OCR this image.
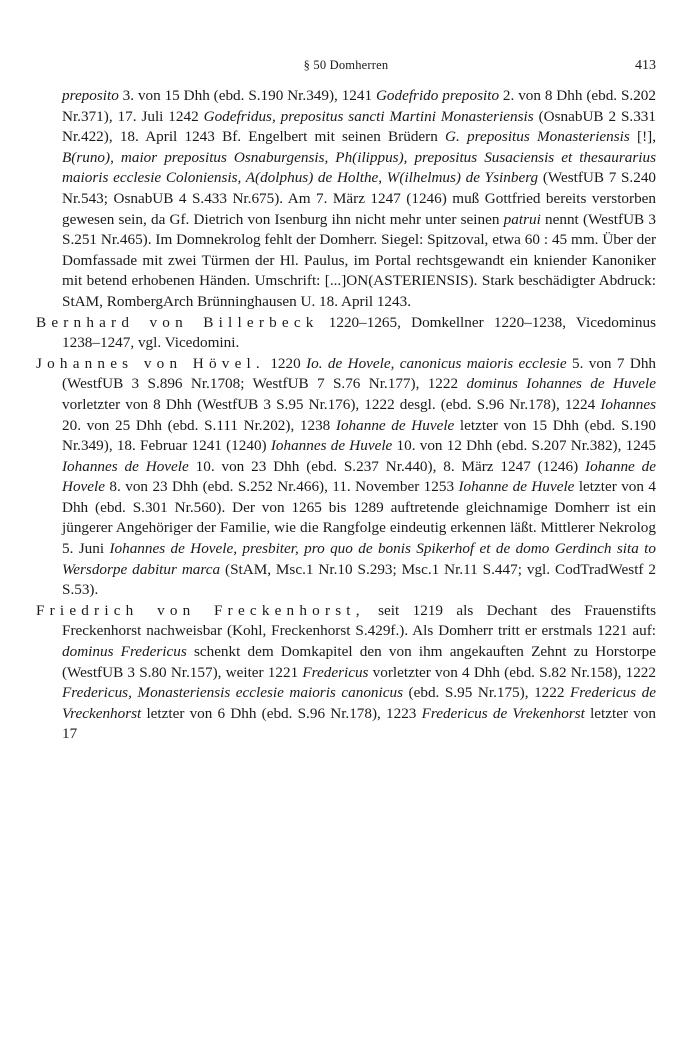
§ 50 Domherren	413

preposito 3. von 15 Dhh (ebd. S.190 Nr.349), 1241 Godefrido preposito 2. von 8 Dhh (ebd. S.202 Nr.371), 17. Juli 1242 Godefridus, prepositus sancti Martini Monasteriensis (OsnabUB 2 S.331 Nr.422), 18. April 1243 Bf. Engelbert mit seinen Brüdern G. prepositus Monasteriensis [!], B(runo), maior prepositus Osnaburgensis, Ph(ilippus), prepositus Susaciensis et thesaurarius maioris ecclesie Coloniensis, A(dolphus) de Holthe, W(ilhelmus) de Ysinberg (WestfUB 7 S.240 Nr.543; OsnabUB 4 S.433 Nr.675). Am 7. März 1247 (1246) muß Gottfried bereits verstorben gewesen sein, da Gf. Dietrich von Isenburg ihn nicht mehr unter seinen patrui nennt (WestfUB 3 S.251 Nr.465). Im Domnekrolog fehlt der Domherr. Siegel: Spitzoval, etwa 60 : 45 mm. Über der Domfassade mit zwei Türmen der Hl. Paulus, im Portal rechtsgewandt ein kniender Kanoniker mit betend erhobenen Händen. Umschrift: [...]ON(ASTERIENSIS). Stark beschädigter Abdruck: StAM, RombergArch Brünninghausen U. 18. April 1243.

Bernhard von Billerbeck 1220–1265, Domkellner 1220–1238, Vicedominus 1238–1247, vgl. Vicedomini.

Johannes von Hövel. 1220 Io. de Hovele, canonicus maioris ecclesie 5. von 7 Dhh (WestfUB 3 S.896 Nr.1708; WestfUB 7 S.76 Nr.177), 1222 dominus Iohannes de Huvele vorletzter von 8 Dhh (WestfUB 3 S.95 Nr.176), 1222 desgl. (ebd. S.96 Nr.178), 1224 Iohannes 20. von 25 Dhh (ebd. S.111 Nr.202), 1238 Iohanne de Huvele letzter von 15 Dhh (ebd. S.190 Nr.349), 18. Februar 1241 (1240) Iohannes de Huvele 10. von 12 Dhh (ebd. S.207 Nr.382), 1245 Iohannes de Hovele 10. von 23 Dhh (ebd. S.237 Nr.440), 8. März 1247 (1246) Iohanne de Hovele 8. von 23 Dhh (ebd. S.252 Nr.466), 11. November 1253 Iohanne de Huvele letzter von 4 Dhh (ebd. S.301 Nr.560). Der von 1265 bis 1289 auftretende gleichnamige Domherr ist ein jüngerer Angehöriger der Familie, wie die Rangfolge eindeutig erkennen läßt. Mittlerer Nekrolog 5. Juni Iohannes de Hovele, presbiter, pro quo de bonis Spikerhof et de domo Gerdinch sita to Wersdorpe dabitur marca (StAM, Msc.1 Nr.10 S.293; Msc.1 Nr.11 S.447; vgl. CodTradWestf 2 S.53).

Friedrich von Freckenhorst, seit 1219 als Dechant des Frauenstifts Freckenhorst nachweisbar (Kohl, Freckenhorst S.429f.). Als Domherr tritt er erstmals 1221 auf: dominus Fredericus schenkt dem Domkapitel den von ihm angekauften Zehnt zu Horstorpe (WestfUB 3 S.80 Nr.157), weiter 1221 Fredericus vorletzter von 4 Dhh (ebd. S.82 Nr.158), 1222 Fredericus, Monasteriensis ecclesie maioris canonicus (ebd. S.95 Nr.175), 1222 Fredericus de Vreckenhorst letzter von 6 Dhh (ebd. S.96 Nr.178), 1223 Fredericus de Vrekenhorst letzter von 17
